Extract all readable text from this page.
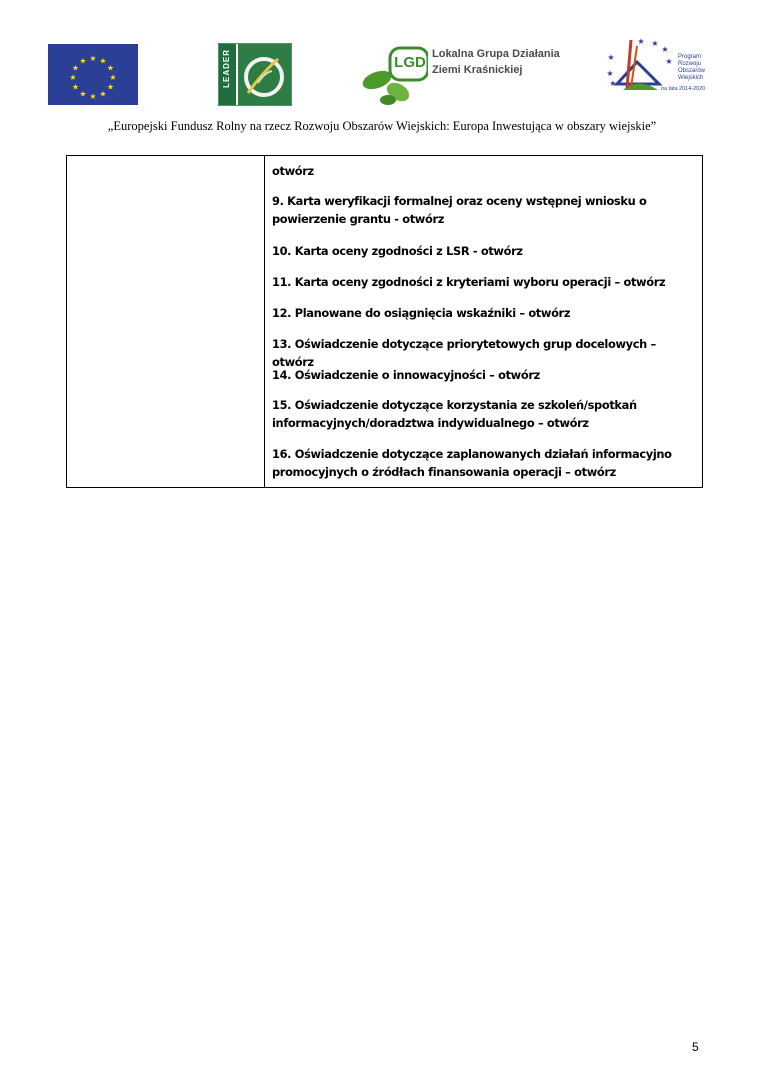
★ ★
★
★
★
★
★
★
★
★
★
★	LEADER	LGD Lokalna Grupa Działania
Ziemi Kraśnickiej
★
★
★
★ ★
★
★ Program
Rozwoju
Obszarów
Wiejskich
na lata 2014-2020
„Europejski Fundusz Rolny na rzecz Rozwoju Obszarów Wiejskich: Europa Inwestująca w obszary wiejskie”
otwórz
9. Karta weryfikacji formalnej oraz oceny wstępnej wniosku o powierzenie grantu - otwórz
10. Karta oceny zgodności z LSR - otwórz
11. Karta oceny zgodności z kryteriami wyboru operacji – otwórz
12. Planowane do osiągnięcia wskaźniki – otwórz
13. Oświadczenie dotyczące priorytetowych grup docelowych – otwórz
14. Oświadczenie o innowacyjności – otwórz
15. Oświadczenie dotyczące korzystania ze szkoleń/spotkań informacyjnych/doradztwa indywidualnego – otwórz
16. Oświadczenie dotyczące zaplanowanych działań informacyjno promocyjnych o źródłach finansowania operacji – otwórz
5
